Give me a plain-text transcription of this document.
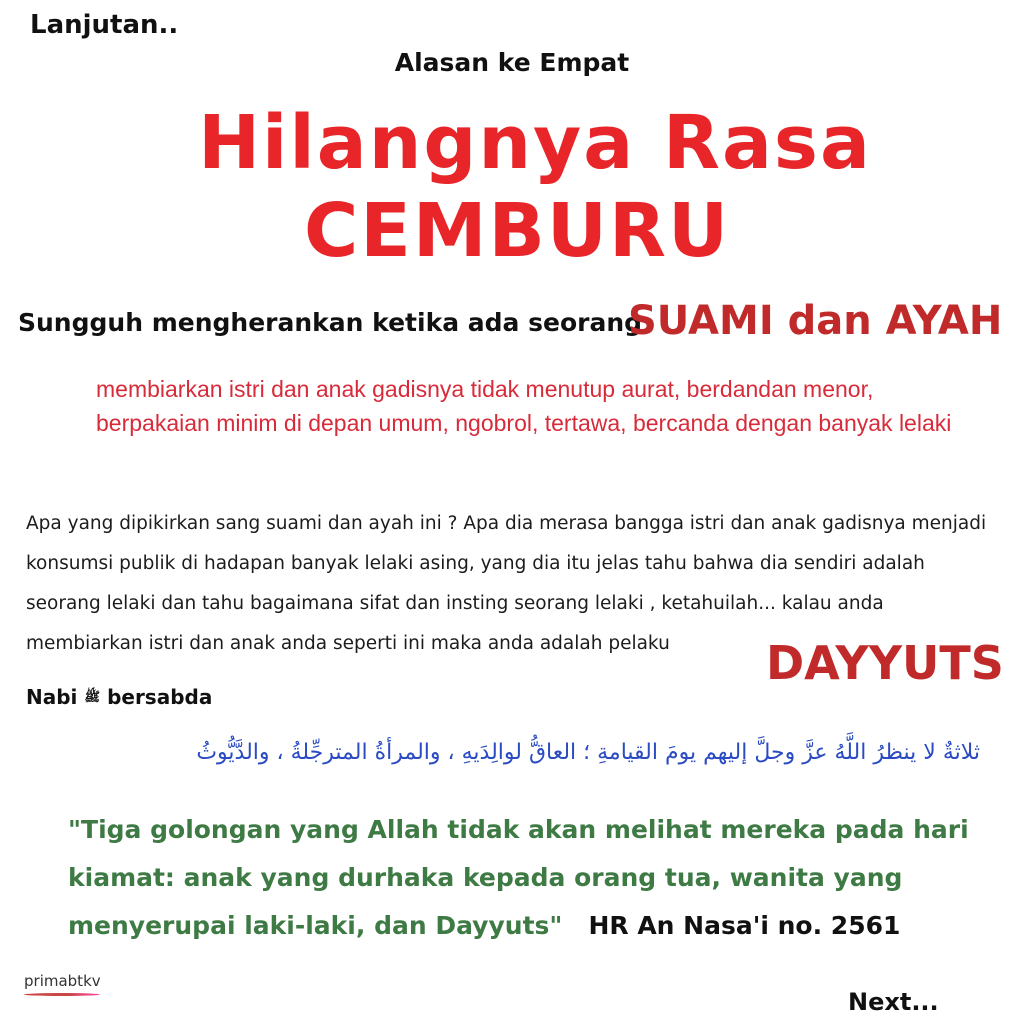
Lanjutan..
Alasan ke Empat
Hilangnya Rasa
CEMBURU
Sungguh mengherankan ketika ada seorang
SUAMI dan AYAH
membiarkan istri dan anak gadisnya tidak menutup aurat, berdandan menor, berpakaian minim di depan umum, ngobrol, tertawa, bercanda dengan banyak lelaki
Apa yang dipikirkan sang suami dan ayah ini ? Apa dia merasa bangga istri dan anak gadisnya menjadi konsumsi publik di hadapan banyak lelaki asing, yang dia itu jelas tahu bahwa dia sendiri adalah seorang lelaki dan tahu bagaimana sifat dan insting seorang lelaki , ketahuilah... kalau anda membiarkan istri dan anak anda seperti ini maka anda adalah pelaku	DAYYUTS
Nabi ﷺ bersabda
ثلاثةٌ لا ينظرُ اللَّهُ عزَّ وجلَّ إليهم يومَ القيامةِ ؛ العاقُّ لوالِدَيهِ ، والمرأةُ المترجِّلةُ ، والدَّيُّوثُ
"Tiga golongan yang Allah tidak akan melihat mereka pada hari kiamat: anak yang durhaka kepada orang tua, wanita yang menyerupai laki-laki, dan Dayyuts" HR An Nasa'i no. 2561
primabtkv
Next...
